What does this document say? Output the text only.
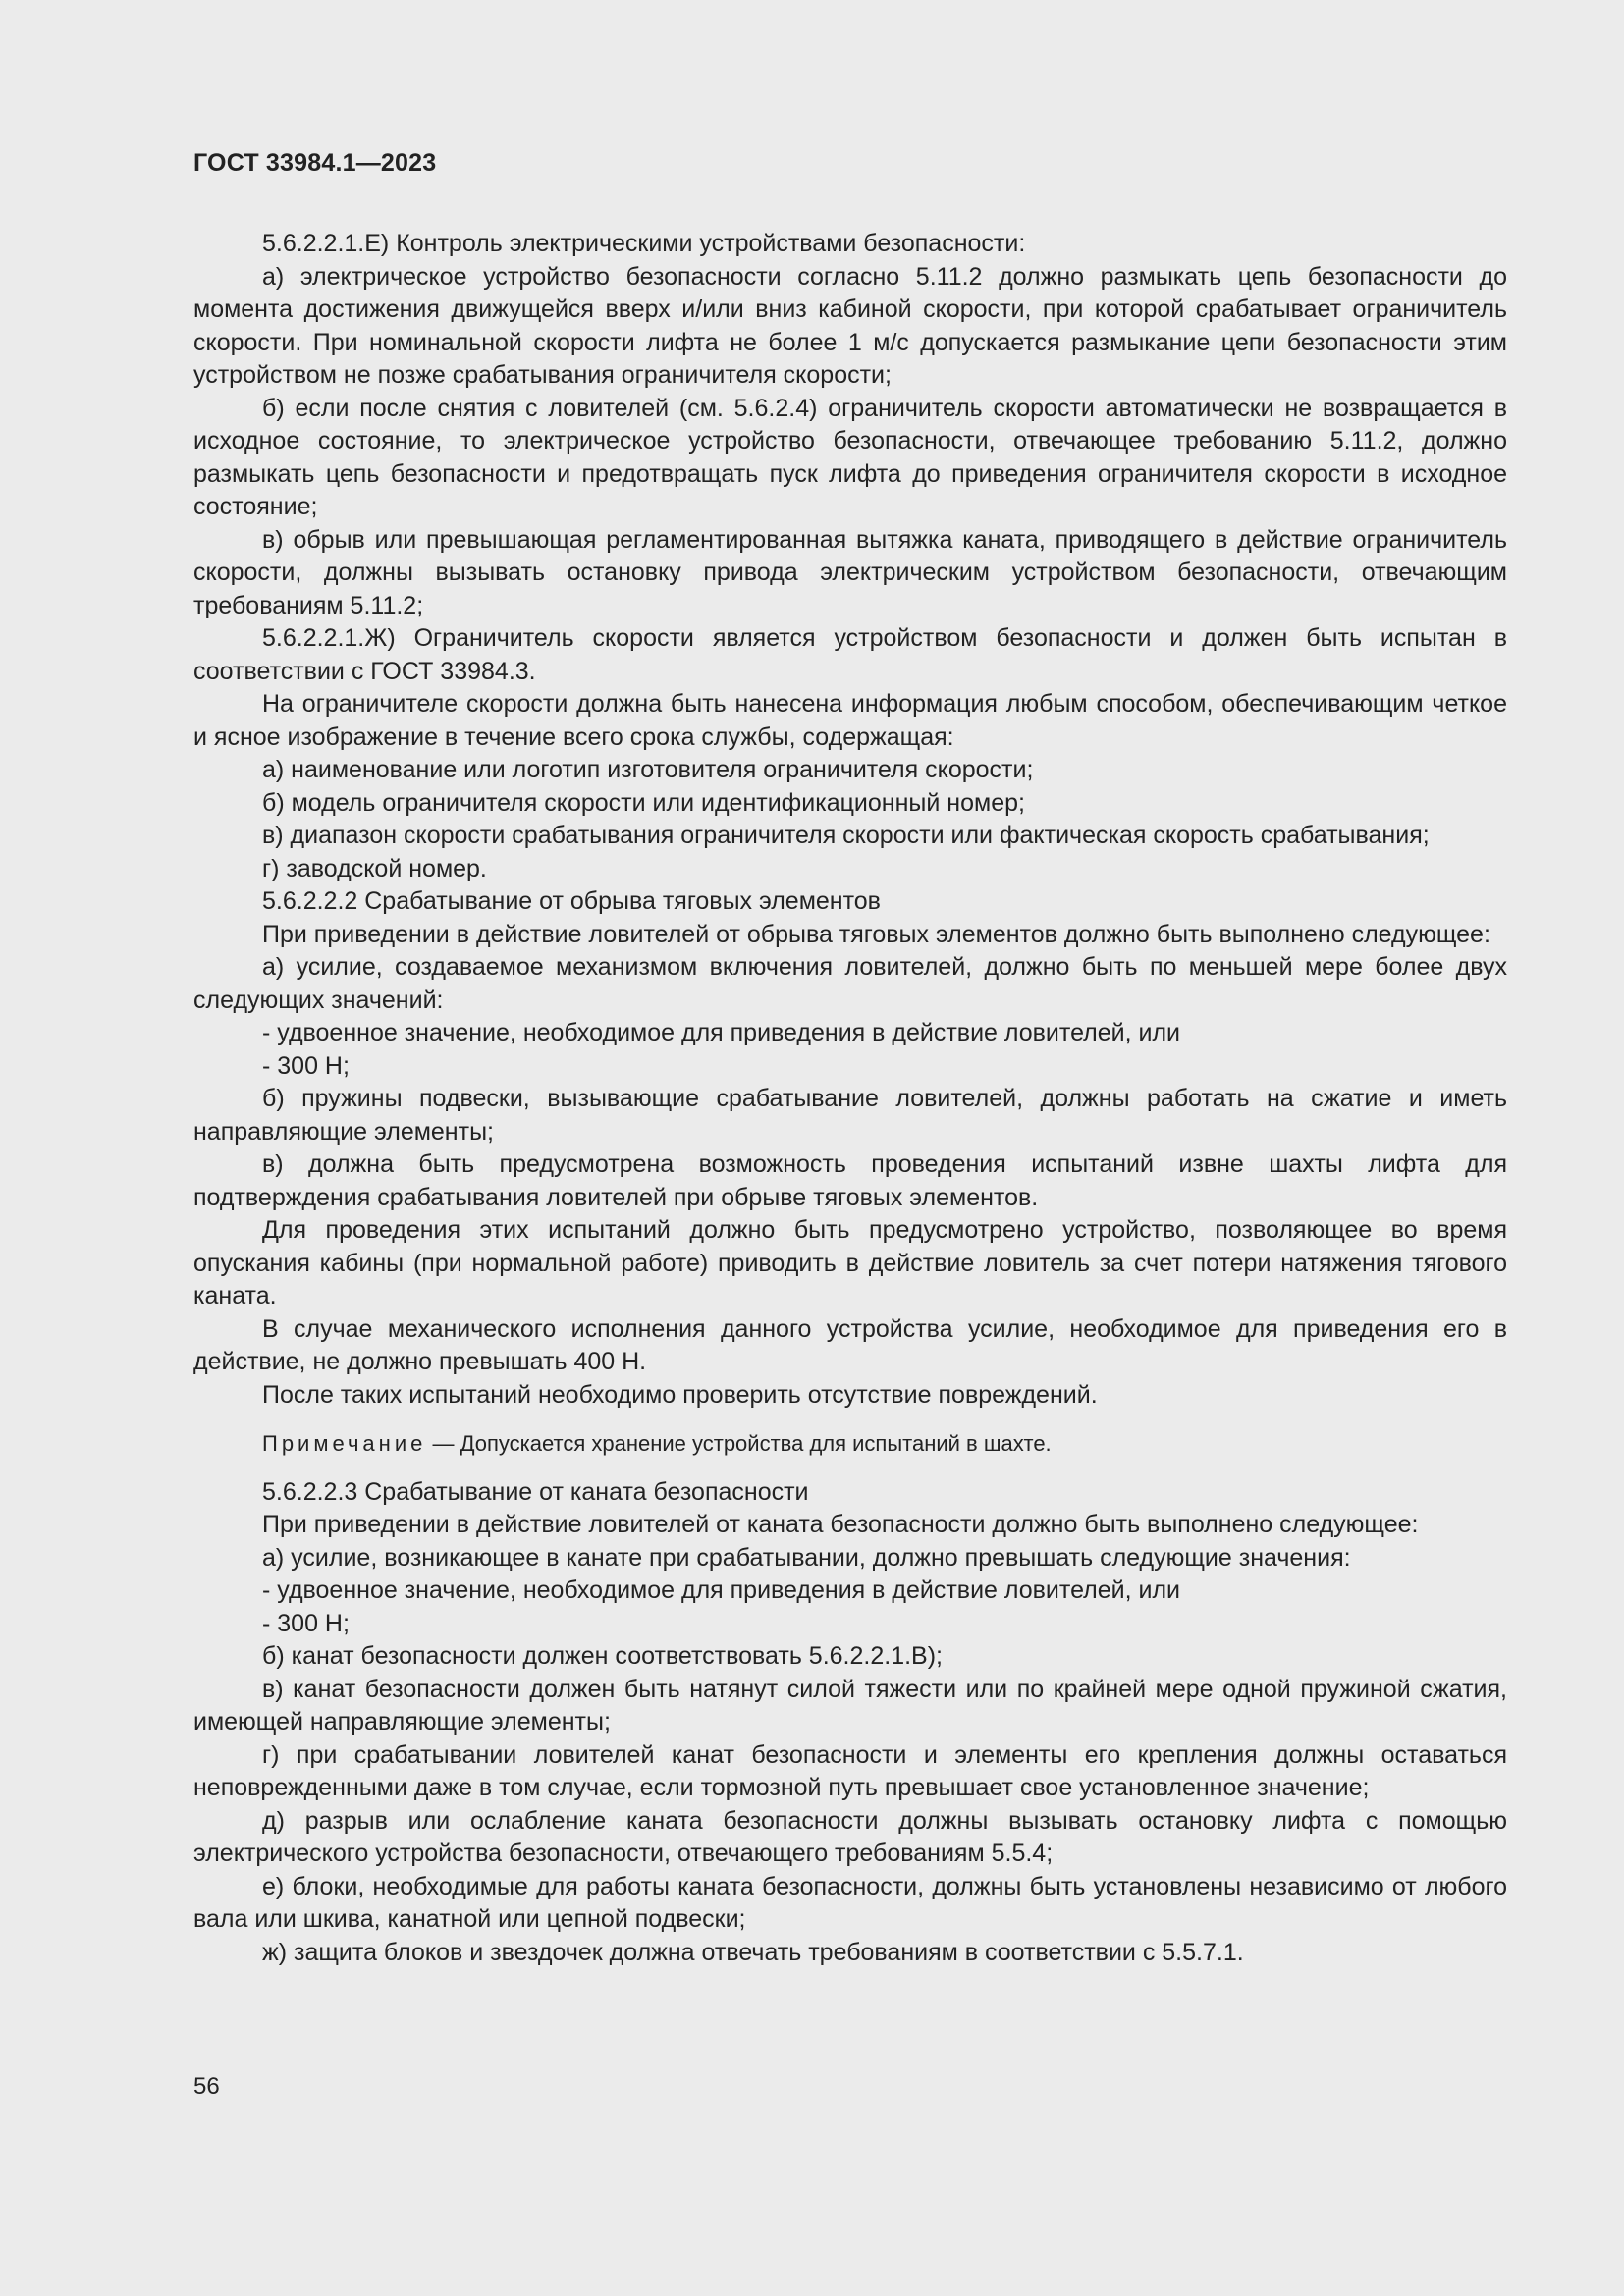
ГОСТ 33984.1—2023

5.6.2.2.1.Е) Контроль электрическими устройствами безопасности:

а) электрическое устройство безопасности согласно 5.11.2 должно размыкать цепь безопасности до момента достижения движущейся вверх и/или вниз кабиной скорости, при которой срабатывает ограничитель скорости. При номинальной скорости лифта не более 1 м/с допускается размыкание цепи безопасности этим устройством не позже срабатывания ограничителя скорости;

б) если после снятия с ловителей (см. 5.6.2.4) ограничитель скорости автоматически не возвращается в исходное состояние, то электрическое устройство безопасности, отвечающее требованию 5.11.2, должно размыкать цепь безопасности и предотвращать пуск лифта до приведения ограничителя скорости в исходное состояние;

в) обрыв или превышающая регламентированная вытяжка каната, приводящего в действие ограничитель скорости, должны вызывать остановку привода электрическим устройством безопасности, отвечающим требованиям 5.11.2;

5.6.2.2.1.Ж) Ограничитель скорости является устройством безопасности и должен быть испытан в соответствии с ГОСТ 33984.3.

На ограничителе скорости должна быть нанесена информация любым способом, обеспечивающим четкое и ясное изображение в течение всего срока службы, содержащая:

а) наименование или логотип изготовителя ограничителя скорости;

б) модель ограничителя скорости или идентификационный номер;

в) диапазон скорости срабатывания ограничителя скорости или фактическая скорость срабатывания;

г) заводской номер.

5.6.2.2.2 Срабатывание от обрыва тяговых элементов

При приведении в действие ловителей от обрыва тяговых элементов должно быть выполнено следующее:

а) усилие, создаваемое механизмом включения ловителей, должно быть по меньшей мере более двух следующих значений:

- удвоенное значение, необходимое для приведения в действие ловителей, или

- 300 Н;

б) пружины подвески, вызывающие срабатывание ловителей, должны работать на сжатие и иметь направляющие элементы;

в) должна быть предусмотрена возможность проведения испытаний извне шахты лифта для подтверждения срабатывания ловителей при обрыве тяговых элементов.

Для проведения этих испытаний должно быть предусмотрено устройство, позволяющее во время опускания кабины (при нормальной работе) приводить в действие ловитель за счет потери натяжения тягового каната.

В случае механического исполнения данного устройства усилие, необходимое для приведения его в действие, не должно превышать 400 Н.

После таких испытаний необходимо проверить отсутствие повреждений.

Примечание — Допускается хранение устройства для испытаний в шахте.

5.6.2.2.3 Срабатывание от каната безопасности

При приведении в действие ловителей от каната безопасности должно быть выполнено следующее:

а) усилие, возникающее в канате при срабатывании, должно превышать следующие значения:

- удвоенное значение, необходимое для приведения в действие ловителей, или

- 300 Н;

б) канат безопасности должен соответствовать 5.6.2.2.1.В);

в) канат безопасности должен быть натянут силой тяжести или по крайней мере одной пружиной сжатия, имеющей направляющие элементы;

г) при срабатывании ловителей канат безопасности и элементы его крепления должны оставаться неповрежденными даже в том случае, если тормозной путь превышает свое установленное значение;

д) разрыв или ослабление каната безопасности должны вызывать остановку лифта с помощью электрического устройства безопасности, отвечающего требованиям 5.5.4;

е) блоки, необходимые для работы каната безопасности, должны быть установлены независимо от любого вала или шкива, канатной или цепной подвески;

ж) защита блоков и звездочек должна отвечать требованиям в соответствии с 5.5.7.1.

56
